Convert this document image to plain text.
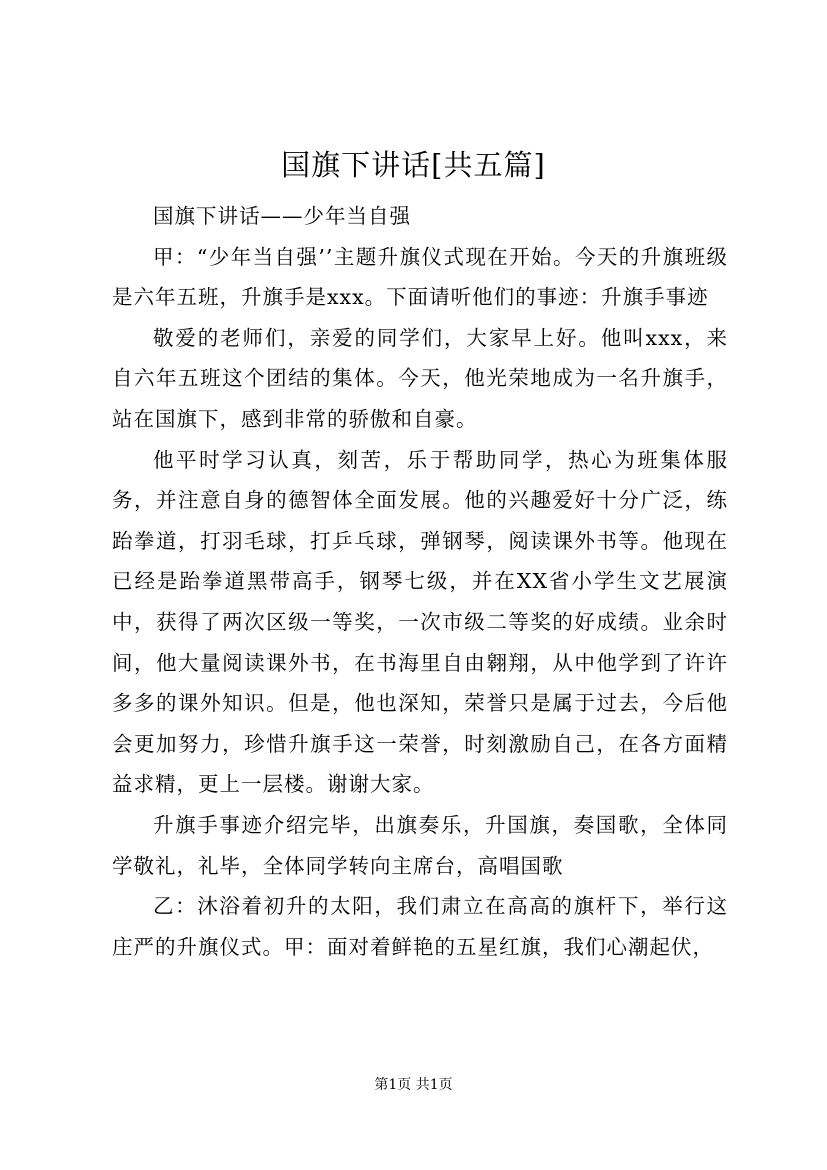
国旗下讲话[共五篇]

国旗下讲话——少年当自强

甲：“少年当自强’’主题升旗仪式现在开始。今天的升旗班级是六年五班，升旗手是xxx。下面请听他们的事迹：升旗手事迹

敬爱的老师们，亲爱的同学们，大家早上好。他叫xxx，来自六年五班这个团结的集体。今天，他光荣地成为一名升旗手，站在国旗下，感到非常的骄傲和自豪。

他平时学习认真，刻苦，乐于帮助同学，热心为班集体服务，并注意自身的德智体全面发展。他的兴趣爱好十分广泛，练跆拳道，打羽毛球，打乒乓球，弹钢琴，阅读课外书等。他现在已经是跆拳道黑带高手，钢琴七级，并在XX省小学生文艺展演中，获得了两次区级一等奖，一次市级二等奖的好成绩。业余时间，他大量阅读课外书，在书海里自由翱翔，从中他学到了许许多多的课外知识。但是，他也深知，荣誉只是属于过去，今后他会更加努力，珍惜升旗手这一荣誉，时刻激励自己，在各方面精益求精，更上一层楼。谢谢大家。

升旗手事迹介绍完毕，出旗奏乐，升国旗，奏国歌，全体同学敬礼，礼毕，全体同学转向主席台，高唱国歌

乙：沐浴着初升的太阳，我们肃立在高高的旗杆下，举行这庄严的升旗仪式。甲：面对着鲜艳的五星红旗，我们心潮起伏，

第1页 共1页
